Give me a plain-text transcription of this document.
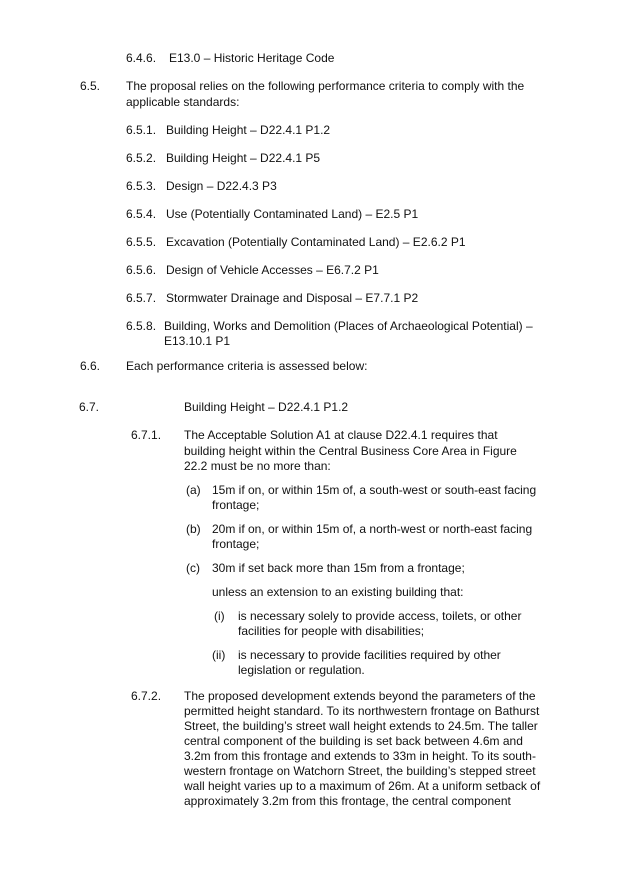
6.4.6. E13.0 – Historic Heritage Code
6.5. The proposal relies on the following performance criteria to comply with the
applicable standards:
6.5.1. Building Height – D22.4.1 P1.2
6.5.2. Building Height – D22.4.1 P5
6.5.3. Design – D22.4.3 P3
6.5.4. Use (Potentially Contaminated Land) – E2.5 P1
6.5.5. Excavation (Potentially Contaminated Land) – E2.6.2 P1
6.5.6. Design of Vehicle Accesses – E6.7.2 P1
6.5.7. Stormwater Drainage and Disposal – E7.7.1 P2
6.5.8. Building, Works and Demolition (Places of Archaeological Potential) –
E13.10.1 P1
6.6. Each performance criteria is assessed below:
6.7.	Building Height – D22.4.1 P1.2
6.7.1. The Acceptable Solution A1 at clause D22.4.1 requires that
building height within the Central Business Core Area in Figure
22.2 must be no more than:
(a) 15m if on, or within 15m of, a south-west or south-east facing
frontage;
(b) 20m if on, or within 15m of, a north-west or north-east facing
frontage;
(c) 30m if set back more than 15m from a frontage;
unless an extension to an existing building that:
(i) is necessary solely to provide access, toilets, or other
facilities for people with disabilities;
(ii) is necessary to provide facilities required by other
legislation or regulation.
6.7.2. The proposed development extends beyond the parameters of the
permitted height standard. To its northwestern frontage on Bathurst
Street, the building’s street wall height extends to 24.5m. The taller
central component of the building is set back between 4.6m and
3.2m from this frontage and extends to 33m in height. To its south-
western frontage on Watchorn Street, the building’s stepped street
wall height varies up to a maximum of 26m. At a uniform setback of
approximately 3.2m from this frontage, the central component
